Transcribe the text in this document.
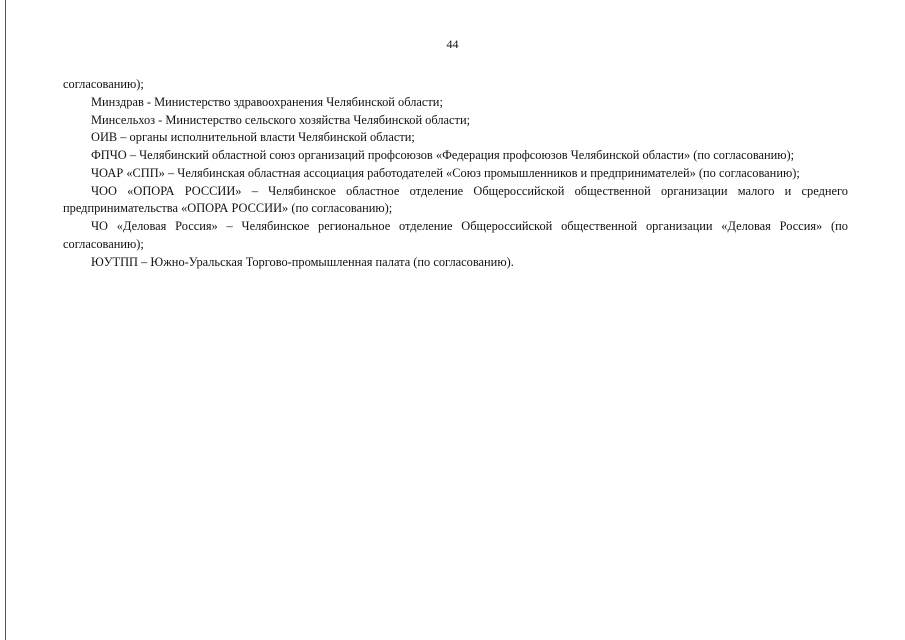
44

согласованию);

Минздрав - Министерство здравоохранения Челябинской области;

Минсельхоз - Министерство сельского хозяйства Челябинской области;

ОИВ – органы исполнительной власти Челябинской области;

ФПЧО – Челябинский областной союз организаций профсоюзов «Федерация профсоюзов Челябинской области» (по согласованию);

ЧОАР «СПП» – Челябинская областная ассоциация работодателей «Союз промышленников и предпринимателей» (по согласованию);

ЧОО «ОПОРА РОССИИ» – Челябинское областное отделение Общероссийской общественной организации малого и среднего предпринимательства «ОПОРА РОССИИ» (по согласованию);

ЧО «Деловая Россия» – Челябинское региональное отделение Общероссийской общественной организации «Деловая Россия» (по согласованию);

ЮУТПП – Южно-Уральская Торгово-промышленная палата (по согласованию).
